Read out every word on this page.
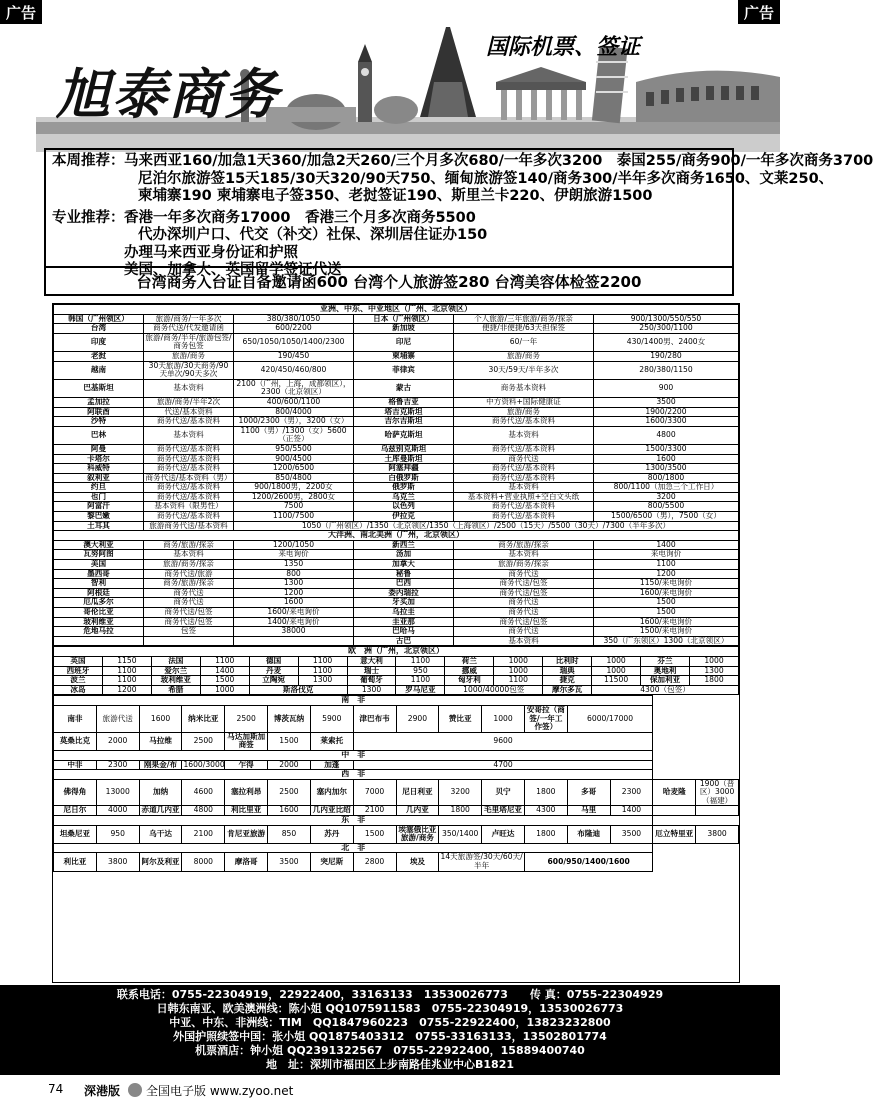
广告	广告
旭泰商务
国际机票、签证
本周推荐：马来西亚160/加急1天360/加急2天260/三个月多次680/一年多次3200　泰国255/商务900/一年多次商务3700
尼泊尔旅游签15天185/30天320/90天750、缅甸旅游签140/商务300/半年多次商务1650、文莱250、
柬埔寨190 柬埔寨电子签350、老挝签证190、斯里兰卡220、伊朗旅游1500
专业推荐：香港一年多次商务17000　香港三个月多次商务5500
代办深圳户口、代交（补交）社保、深圳居住证办150
办理马来西亚身份证和护照
美国、加拿大、英国留学签证代送
台湾商务入台证自备邀请函600 台湾个人旅游签280 台湾美容体检签2200
亚洲、中东、中亚地区（广州、北京领区）					
韩国（广州领区）	旅游/商务/一年多次	380/380/1050	日本（广州领区）	个人旅游/三年旅游/商务/探亲	900/1300/550/550
台湾	商务代送/代发邀请函	600/2200	新加坡	便捷/非便捷/63天担保签	250/300/1100
印度	旅游/商务/半年/旅游包签/商务包签	650/1050/1050/1400/2300	印尼	60/一年	430/1400男、2400女
老挝	旅游/商务	190/450	柬埔寨	旅游/商务	190/280
越南	30天旅游/30天商务/90天单次/90天多次	420/450/460/800	菲律宾	30天/59天/半年多次	280/380/1150
巴基斯坦	基本资料	2100（广州，上海，成都领区），2300（北京领区）	蒙古	商务基本资料	900
孟加拉	旅游/商务/半年2次	400/600/1100	格鲁吉亚	中方资料+国际健康证	3500
阿联酋	代送/基本资料	800/4000	塔吉克斯坦	旅游/商务	1900/2200
沙特	商务代送/基本资料	1000/2300（男），3200（女）	吉尔吉斯坦	商务代送/基本资料	1600/3300
巴林	基本资料	1100（男）/1300（女）5600（正签）	哈萨克斯坦	基本资料	4800
阿曼	商务代送/基本资料	950/5500	乌兹别克斯坦	商务代送/基本资料	1500/3300
卡塔尔	商务代送/基本资料	900/4500	土库曼斯坦	商务代送	1600
科威特	商务代送/基本资料	1200/6500	阿塞拜疆	商务代送/基本资料	1300/3500
叙利亚	商务代送/基本资料（男）	850/4800	白俄罗斯	商务代送/基本资料	800/1800
约旦	商务代送/基本资料	900/1800男，2200女	俄罗斯	基本资料	800/1100（加急三个工作日）
也门	商务代送/基本资料	1200/2600男，2800女	乌克兰	基本资料+营业执照+空白文头纸	3200
阿富汗	基本资料（限男性）	7500	以色列	商务代送/基本资料	800/5500
黎巴嫩	商务代送/基本资料	1100/7500	伊拉克	商务代送/基本资料	1500/6500（男），7500（女）
土耳其	旅游商务代送/基本资料	1050（广州领区）/1350（北京领区/1350（上海领区）/2500（15天）/5500（30天）/7300（半年多次）			
大洋洲、南北美洲（广州，北京领区）					
澳大利亚	商务/旅游/探亲	1200/1050	新西兰	商务/旅游/探亲	1400
瓦努阿图	基本资料	来电询价	汤加	基本资料	来电询价
美国	旅游/商务/探亲	1350	加拿大	旅游/商务/探亲	1100
墨西哥	商务代送/旅游	800	秘鲁	商务代送	1200
智利	商务/旅游/探亲	1300	巴西	商务代送/包签	1150/来电询价
阿根廷	商务代送	1200	委内瑞拉	商务代送/包签	1600/来电询价
厄瓜多尔	商务代送	1600	牙买加	商务代送	1500
哥伦比亚	商务代送/包签	1600/来电询价	乌拉圭	商务代送	1500
玻利维亚	商务代送/包签	1400/来电询价	圭亚那	商务代送/包签	1600/来电询价
危地马拉	包签	38000	巴哈马	商务代送	1500/来电询价
			古巴	基本资料	350（广东领区）1300（北京领区）
欧　洲（广州，北京领区）													
英国	1150	法国	1100	德国	1100	意大利	1100	荷兰	1000	比利时	1000	芬兰	1000
西班牙	1100	爱尔兰	1400	丹麦	1100	瑞士	950	挪威	1000	瑞典	1000	奥地利	1300
波兰	1100	玻利维亚	1500	立陶宛	1300	葡萄牙	1100	匈牙利	1100	捷克	11500	保加利亚	1800
冰岛	1200	希腊	1000	斯洛伐克		1300	罗马尼亚	1000/40000包签		摩尔多瓦	4300（包签）		
南　非															
南非	旅游代送	1600	纳米比亚	2500	博茨瓦纳	5900	津巴布韦	2900	赞比亚	1000	安哥拉（商签/一年工作签）	6000/17000			
莫桑比克	2000	马拉维	2500	马达加斯加商签	1500	莱索托	9600								
中　非															
中非	2300	刚果金/布	1600/3000	乍得	2000	加蓬	4700								
西　非															
佛得角	13000	加纳	4600	塞拉利昂	2500	塞内加尔	7000	尼日利亚	3200	贝宁	1800	多哥	2300	哈麦隆	1900（普区）3000（福建）
尼日尔	4000	赤道几内亚	4800	利比里亚	1600	几内亚比绍	2100	几内亚	1800	毛里塔尼亚	4300	马里	1400		
东　非															
坦桑尼亚	950	乌干达	2100	肯尼亚旅游	850	苏丹	1500	埃塞俄比亚旅游/商务	350/1400	卢旺达	1800	布隆迪	3500	厄立特里亚	3800
北　非															
利比亚	3800	阿尔及利亚	8000	摩洛哥	3500	突尼斯	2800	埃及	14天旅游签/30天/60天/半年		600/950/1400/1600				
联系电话：0755-22304919，22922400，33163133　13530026773　　传 真：0755-22304929
日韩东南亚、欧美澳洲线：陈小姐 QQ1075911583　0755-22304919，13530026773
中亚、中东、非洲线：TIM　QQ1847960223　0755-22922400，13823232800
外国护照续签中国：张小姐 QQ1875403312　0755-33163133，13502801774
机票酒店：钟小姐 QQ2391322567　0755-22922400，15889400740
地　址：深圳市福田区上步南路佳兆业中心B1821
74 深港版 全国电子版 www.zyoo.net
